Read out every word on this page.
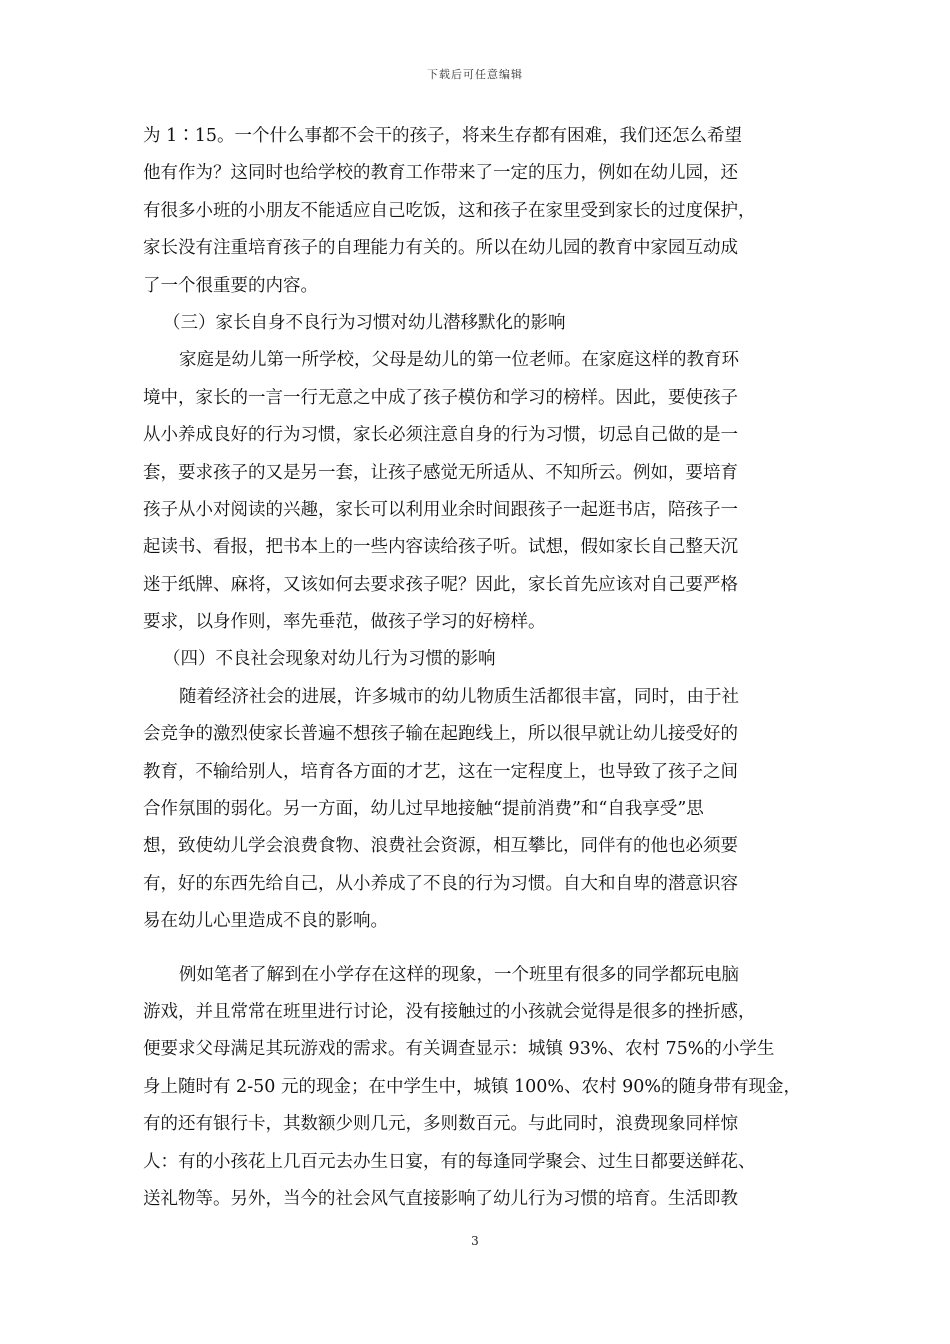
下载后可任意编辑
为 1∶15。一个什么事都不会干的孩子，将来生存都有困难，我们还怎么希望
他有作为？这同时也给学校的教育工作带来了一定的压力，例如在幼儿园，还
有很多小班的小朋友不能适应自己吃饭，这和孩子在家里受到家长的过度保护，
家长没有注重培育孩子的自理能力有关的。所以在幼儿园的教育中家园互动成
了一个很重要的内容。
（三）家长自身不良行为习惯对幼儿潜移默化的影响
家庭是幼儿第一所学校，父母是幼儿的第一位老师。在家庭这样的教育环
境中，家长的一言一行无意之中成了孩子模仿和学习的榜样。因此，要使孩子
从小养成良好的行为习惯，家长必须注意自身的行为习惯，切忌自己做的是一
套，要求孩子的又是另一套，让孩子感觉无所适从、不知所云。例如，要培育
孩子从小对阅读的兴趣，家长可以利用业余时间跟孩子一起逛书店，陪孩子一
起读书、看报，把书本上的一些内容读给孩子听。试想，假如家长自己整天沉
迷于纸牌、麻将，又该如何去要求孩子呢？因此，家长首先应该对自己要严格
要求，以身作则，率先垂范，做孩子学习的好榜样。
（四）不良社会现象对幼儿行为习惯的影响
随着经济社会的进展，许多城市的幼儿物质生活都很丰富，同时，由于社
会竞争的激烈使家长普遍不想孩子输在起跑线上，所以很早就让幼儿接受好的
教育，不输给别人，培育各方面的才艺，这在一定程度上，也导致了孩子之间
合作氛围的弱化。另一方面，幼儿过早地接触“提前消费”和“自我享受”思
想，致使幼儿学会浪费食物、浪费社会资源，相互攀比，同伴有的他也必须要
有，好的东西先给自己，从小养成了不良的行为习惯。自大和自卑的潜意识容
易在幼儿心里造成不良的影响。
例如笔者了解到在小学存在这样的现象，一个班里有很多的同学都玩电脑
游戏，并且常常在班里进行讨论，没有接触过的小孩就会觉得是很多的挫折感，
便要求父母满足其玩游戏的需求。有关调查显示：城镇 93%、农村 75%的小学生
身上随时有 2-50 元的现金；在中学生中，城镇 100%、农村 90%的随身带有现金，
有的还有银行卡，其数额少则几元，多则数百元。与此同时，浪费现象同样惊
人：有的小孩花上几百元去办生日宴，有的每逢同学聚会、过生日都要送鲜花、
送礼物等。另外，当今的社会风气直接影响了幼儿行为习惯的培育。生活即教
3
